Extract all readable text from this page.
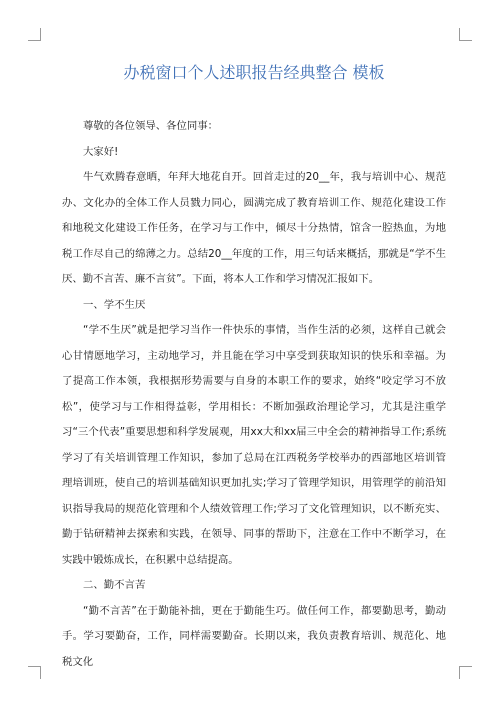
办税窗口个人述职报告经典整合 模板

尊敬的各位领导、各位同事：

大家好!

牛气欢腾春意晒，年拜大地花自开。回首走过的20__年，我与培训中心、规范办、文化办的全体工作人员戮力同心，圆满完成了教育培训工作、规范化建设工作和地税文化建设工作任务，在学习与工作中，倾尽十分热情，馆含一腔热血，为地税工作尽自己的绵薄之力。总结20__年度的工作，用三句话来概括，那就是“学不生厌、勤不言苦、廉不言贫”。下面，将本人工作和学习情况汇报如下。

一、学不生厌

“学不生厌”就是把学习当作一件快乐的事情，当作生活的必须，这样自己就会心甘情愿地学习，主动地学习，并且能在学习中享受到获取知识的快乐和幸福。为了提高工作本领，我根据形势需要与自身的本职工作的要求，始终“咬定学习不放松”，使学习与工作相得益彰，学用相长：不断加强政治理论学习，尤其是注重学习“三个代表”重要思想和科学发展观，用xx大和xx届三中全会的精神指导工作;系统学习了有关培训管理工作知识，参加了总局在江西税务学校举办的西部地区培训管理培训班，使自己的培训基础知识更加扎实;学习了管理学知识，用管理学的前沿知识指导我局的规范化管理和个人绩效管理工作;学习了文化管理知识，以不断充实、勤于钻研精神去探索和实践，在领导、同事的帮助下，注意在工作中不断学习，在实践中锻炼成长，在积累中总结提高。

二、勤不言苦

“勤不言苦”在于勤能补拙，更在于勤能生巧。做任何工作，都要勤思考，勤动手。学习要勤奋，工作，同样需要勤奋。长期以来，我负责教育培训、规范化、地税文化
